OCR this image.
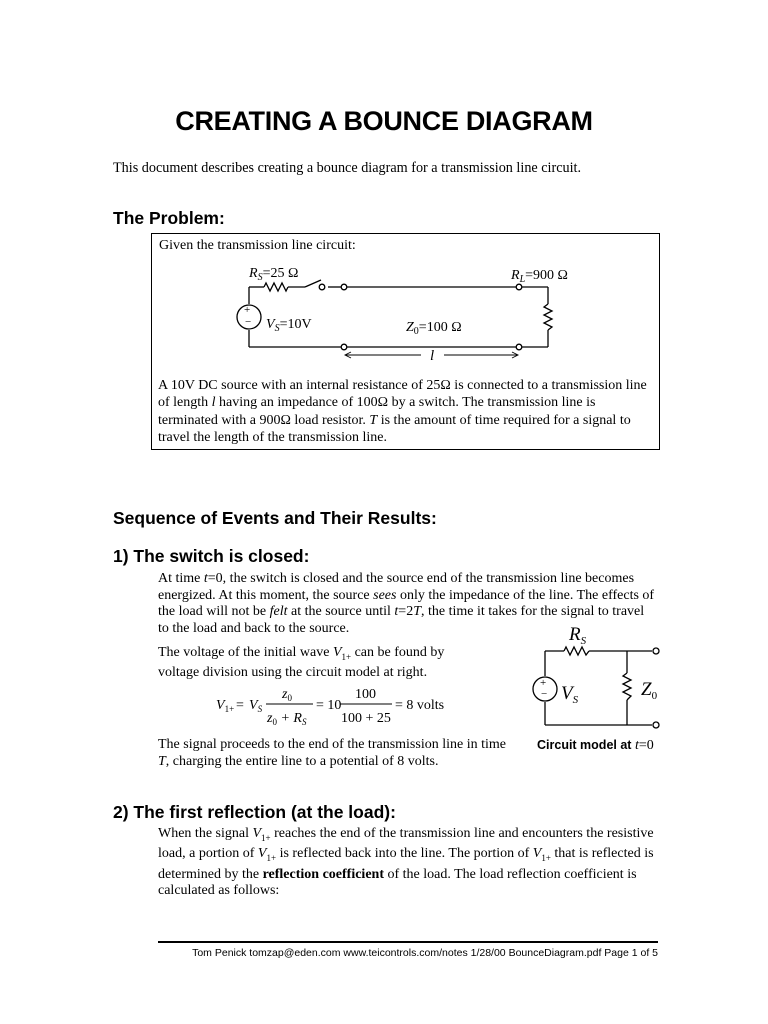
CREATING A BOUNCE DIAGRAM
This document describes creating a bounce diagram for a transmission line circuit.
The Problem:
Given the transmission line circuit:
+
−
$R_S=25$ Ω	$R_L=900$ Ω
$V_S=10V$	$Z_0=100$ Ω
l
A 10V DC source with an internal resistance of 25Ω is connected to a transmission line of length l having an impedance of 100Ω by a switch. The transmission line is terminated with a 900Ω load resistor. T is the amount of time required for a signal to travel the length of the transmission line.
Sequence of Events and Their Results:
1) The switch is closed:
At time t=0, the switch is closed and the source end of the transmission line becomes energized. At this moment, the source sees only the impedance of the line. The effects of the load will not be felt at the source until t=2T, the time it takes for the signal to travel to the load and back to the source.
The voltage of the initial wave $V_{1+}$ can be found by voltage division using the circuit model at right.
$V_{1+} = V_S$
$z_0$
$z_0 + R_S$
= 10
100
100 + 25
= 8 volts
The signal proceeds to the end of the transmission line in time T, charging the entire line to a potential of 8 volts.
+
−
$R_S$
$V_S$	$Z_0$
Circuit model at t=0
2) The first reflection (at the load):
When the signal $V_{1+}$ reaches the end of the transmission line and encounters the resistive load, a portion of $V_{1+}$ is reflected back into the line. The portion of $V_{1+}$ that is reflected is determined by the reflection coefficient of the load. The load reflection coefficient is calculated as follows:
Tom Penick tomzap@eden.com www.teicontrols.com/notes 1/28/00 BounceDiagram.pdf Page 1 of 5
